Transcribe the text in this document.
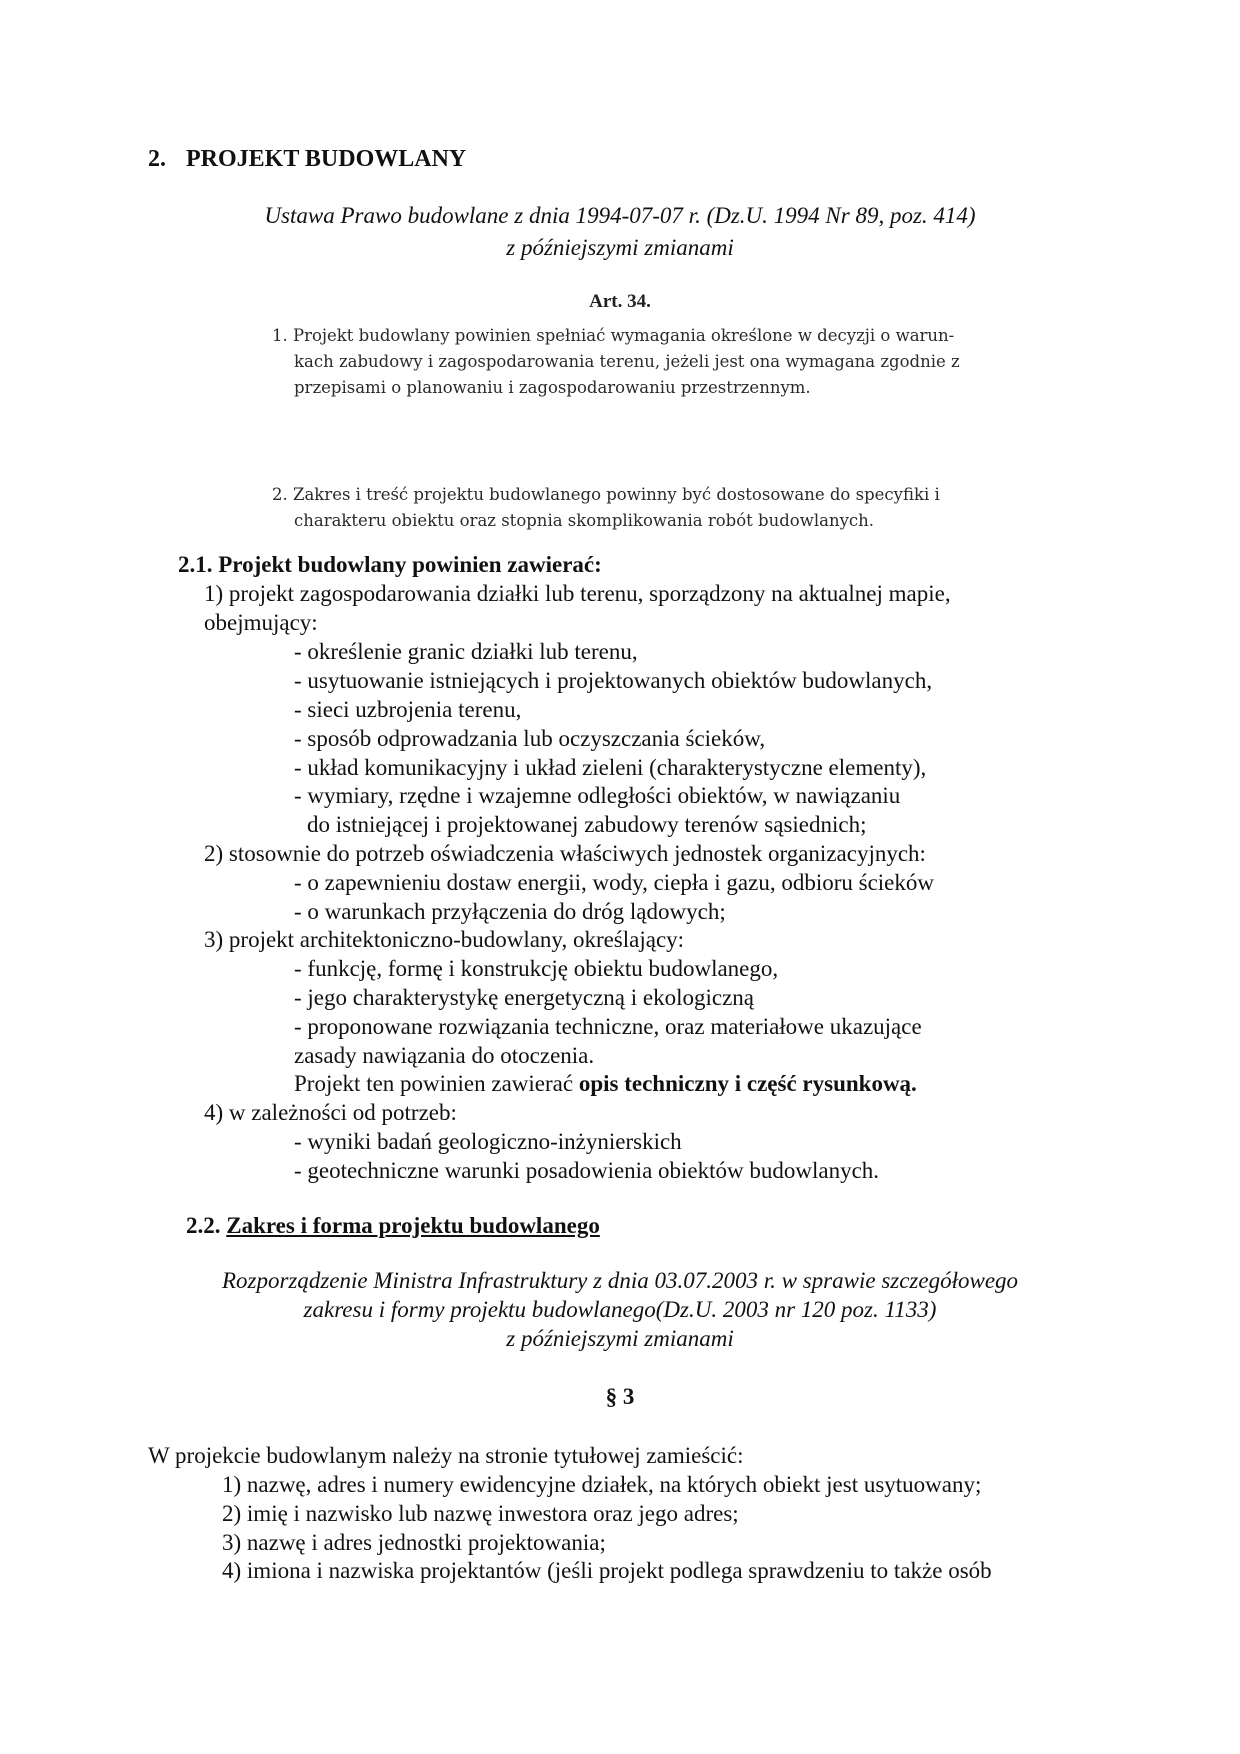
2. PROJEKT BUDOWLANY
Ustawa Prawo budowlane z dnia 1994-07-07 r. (Dz.U. 1994 Nr 89, poz. 414)
z późniejszymi zmianami
Art. 34.
1. Projekt budowlany powinien spełniać wymagania określone w decyzji o warun-
kach zabudowy i zagospodarowania terenu, jeżeli jest ona wymagana zgodnie z
przepisami o planowaniu i zagospodarowaniu przestrzennym.
2. Zakres i treść projektu budowlanego powinny być dostosowane do specyfiki i
charakteru obiektu oraz stopnia skomplikowania robót budowlanych.
2.1. Projekt budowlany powinien zawierać:
1) projekt zagospodarowania działki lub terenu, sporządzony na aktualnej mapie,
obejmujący:
- określenie granic działki lub terenu,
- usytuowanie istniejących i projektowanych obiektów budowlanych,
- sieci uzbrojenia terenu,
- sposób odprowadzania lub oczyszczania ścieków,
- układ komunikacyjny i układ zieleni (charakterystyczne elementy),
- wymiary, rzędne i wzajemne odległości obiektów, w nawiązaniu
do istniejącej i projektowanej zabudowy terenów sąsiednich;
2) stosownie do potrzeb oświadczenia właściwych jednostek organizacyjnych:
- o zapewnieniu dostaw energii, wody, ciepła i gazu, odbioru ścieków
- o warunkach przyłączenia do dróg lądowych;
3) projekt architektoniczno-budowlany, określający:
- funkcję, formę i konstrukcję obiektu budowlanego,
- jego charakterystykę energetyczną i ekologiczną
- proponowane rozwiązania techniczne, oraz materiałowe ukazujące
zasady nawiązania do otoczenia.
Projekt ten powinien zawierać opis techniczny i część rysunkową.
4) w zależności od potrzeb:
- wyniki badań geologiczno-inżynierskich
- geotechniczne warunki posadowienia obiektów budowlanych.
2.2. Zakres i forma projektu budowlanego
Rozporządzenie Ministra Infrastruktury z dnia 03.07.2003 r. w sprawie szczegółowego
zakresu i formy projektu budowlanego(Dz.U. 2003 nr 120 poz. 1133)
z późniejszymi zmianami
§ 3
W projekcie budowlanym należy na stronie tytułowej zamieścić:
1) nazwę, adres i numery ewidencyjne działek, na których obiekt jest usytuowany;
2) imię i nazwisko lub nazwę inwestora oraz jego adres;
3) nazwę i adres jednostki projektowania;
4) imiona i nazwiska projektantów (jeśli projekt podlega sprawdzeniu to także osób
